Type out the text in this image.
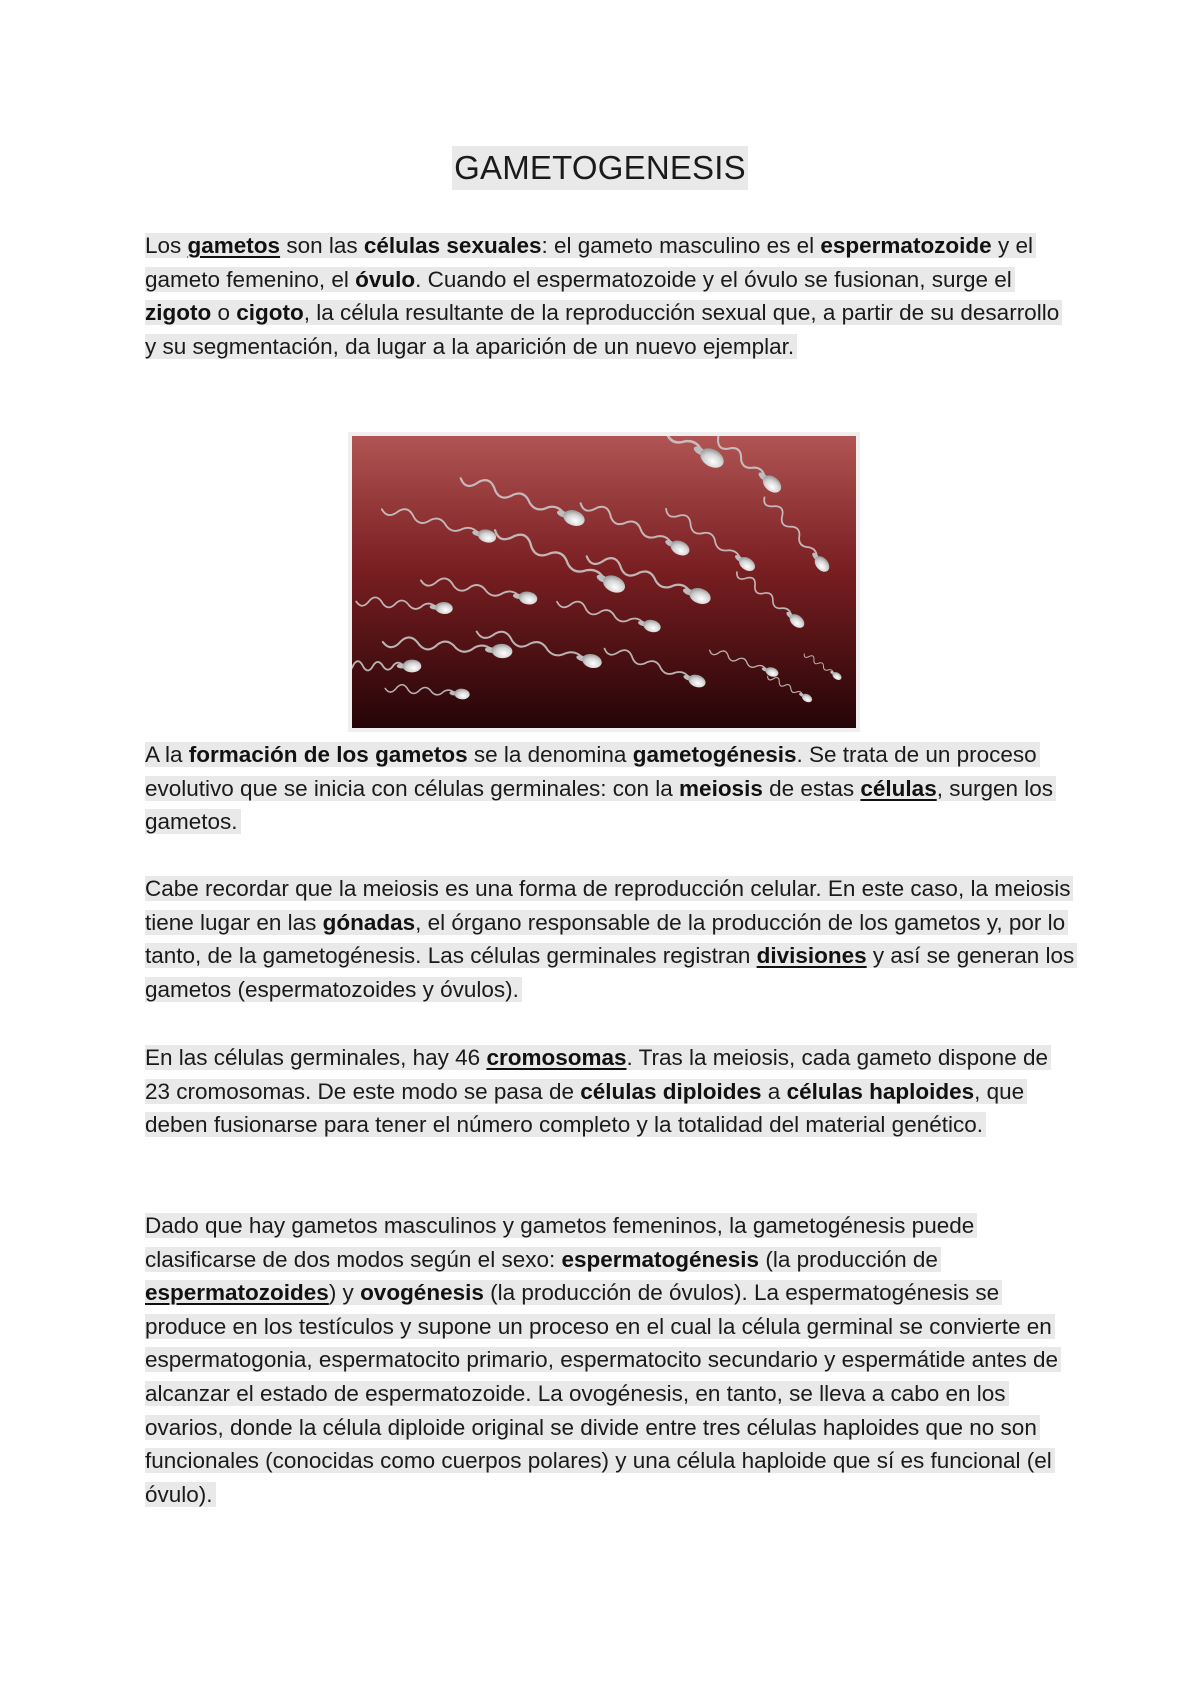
GAMETOGENESIS

Los gametos son las células sexuales: el gameto masculino es el espermatozoide y el gameto femenino, el óvulo. Cuando el espermatozoide y el óvulo se fusionan, surge el zigoto o cigoto, la célula resultante de la reproducción sexual que, a partir de su desarrollo y su segmentación, da lugar a la aparición de un nuevo ejemplar.

A la formación de los gametos se la denomina gametogénesis. Se trata de un proceso evolutivo que se inicia con células germinales: con la meiosis de estas células, surgen los gametos.

Cabe recordar que la meiosis es una forma de reproducción celular. En este caso, la meiosis tiene lugar en las gónadas, el órgano responsable de la producción de los gametos y, por lo tanto, de la gametogénesis. Las células germinales registran divisiones y así se generan los gametos (espermatozoides y óvulos).

En las células germinales, hay 46 cromosomas. Tras la meiosis, cada gameto dispone de 23 cromosomas. De este modo se pasa de células diploides a células haploides, que deben fusionarse para tener el número completo y la totalidad del material genético.

Dado que hay gametos masculinos y gametos femeninos, la gametogénesis puede clasificarse de dos modos según el sexo: espermatogénesis (la producción de espermatozoides) y ovogénesis (la producción de óvulos). La espermatogénesis se produce en los testículos y supone un proceso en el cual la célula germinal se convierte en espermatogonia, espermatocito primario, espermatocito secundario y espermátide antes de alcanzar el estado de espermatozoide. La ovogénesis, en tanto, se lleva a cabo en los ovarios, donde la célula diploide original se divide entre tres células haploides que no son funcionales (conocidas como cuerpos polares) y una célula haploide que sí es funcional (el óvulo).
